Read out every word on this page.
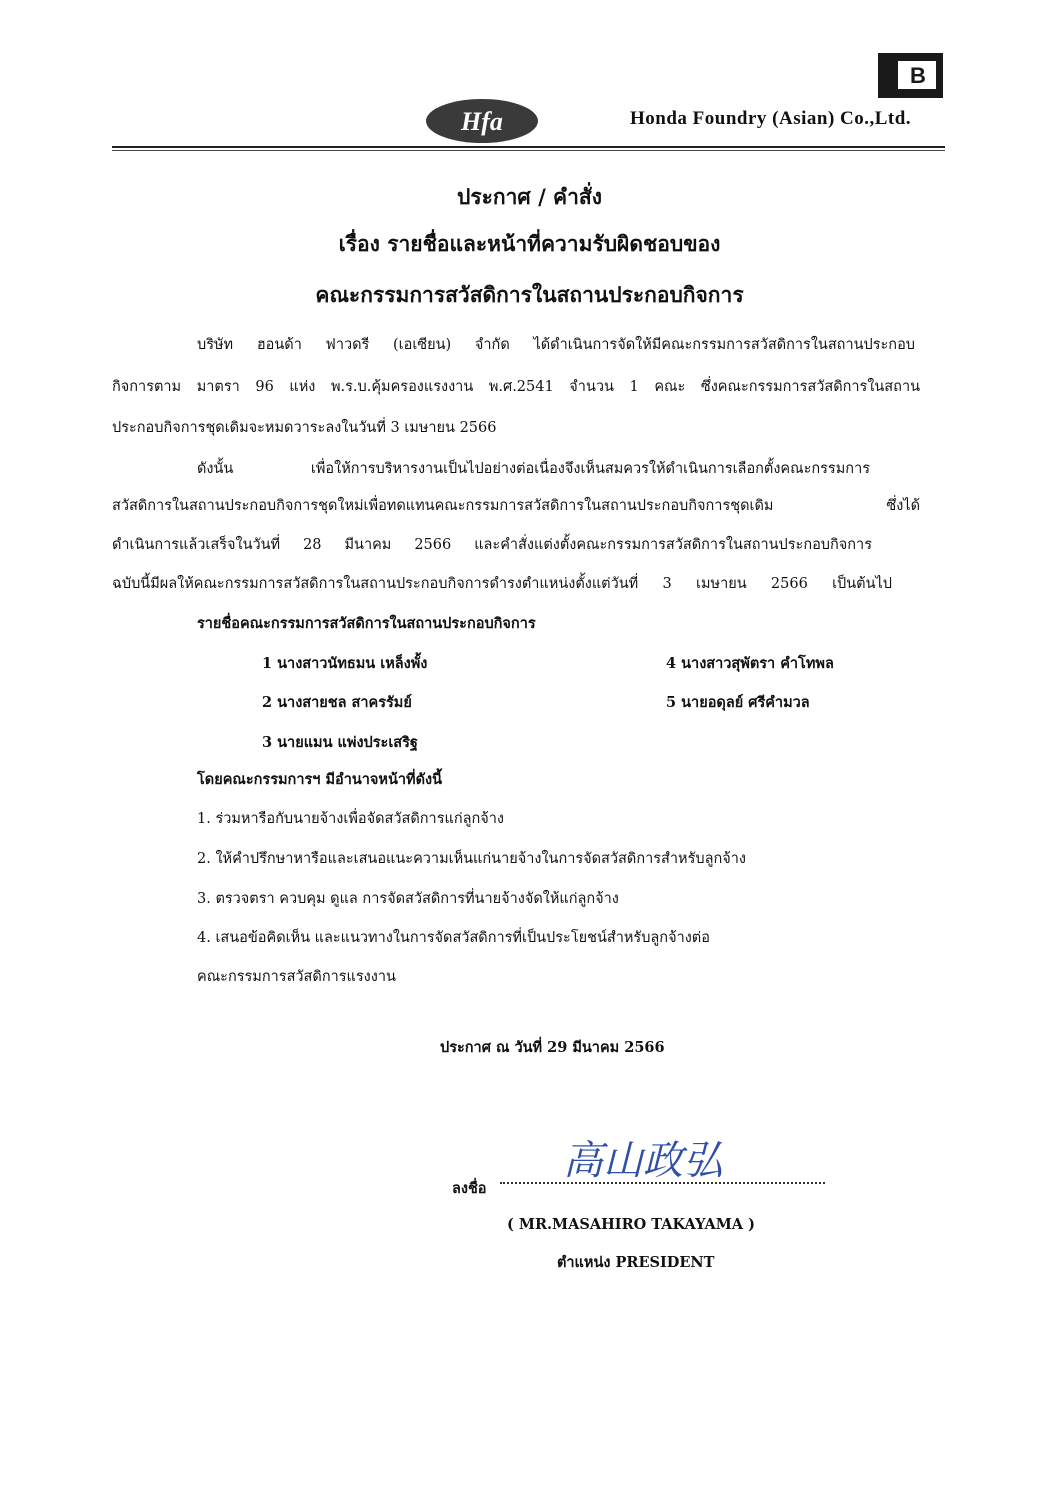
Hfa
B
Honda Foundry (Asian) Co.,Ltd.
ประกาศ / คำสั่ง
เรื่อง รายชื่อและหน้าที่ความรับผิดชอบของ
คณะกรรมการสวัสดิการในสถานประกอบกิจการ
บริษัท ฮอนด้า ฟาวดรี (เอเซียน) จำกัด ได้ดำเนินการจัดให้มีคณะกรรมการสวัสดิการในสถานประกอบ
กิจการตาม มาตรา 96 แห่ง พ.ร.บ.คุ้มครองแรงงาน พ.ศ.2541 จำนวน 1 คณะ ซึ่งคณะกรรมการสวัสดิการในสถาน
ประกอบกิจการชุดเดิมจะหมดวาระลงในวันที่ 3 เมษายน 2566
ดังนั้น เพื่อให้การบริหารงานเป็นไปอย่างต่อเนื่องจึงเห็นสมควรให้ดำเนินการเลือกตั้งคณะกรรมการ
สวัสดิการในสถานประกอบกิจการชุดใหม่เพื่อทดแทนคณะกรรมการสวัสดิการในสถานประกอบกิจการชุดเดิม ซึ่งได้
ดำเนินการแล้วเสร็จในวันที่ 28 มีนาคม 2566 และคำสั่งแต่งตั้งคณะกรรมการสวัสดิการในสถานประกอบกิจการ
ฉบับนี้มีผลให้คณะกรรมการสวัสดิการในสถานประกอบกิจการดำรงตำแหน่งตั้งแต่วันที่ 3 เมษายน 2566 เป็นต้นไป
รายชื่อคณะกรรมการสวัสดิการในสถานประกอบกิจการ
1 นางสาวนัทธมน เหล็งพั้ง
2 นางสายชล สาครรัมย์
3 นายแมน แพ่งประเสริฐ
4 นางสาวสุพัตรา คำโทพล
5 นายอดุลย์ ศรีคำมวล
โดยคณะกรรมการฯ มีอำนาจหน้าที่ดังนี้
1. ร่วมหารือกับนายจ้างเพื่อจัดสวัสดิการแก่ลูกจ้าง
2. ให้คำปรึกษาหารือและเสนอแนะความเห็นแก่นายจ้างในการจัดสวัสดิการสำหรับลูกจ้าง
3. ตรวจตรา ควบคุม ดูแล การจัดสวัสดิการที่นายจ้างจัดให้แก่ลูกจ้าง
4. เสนอข้อคิดเห็น และแนวทางในการจัดสวัสดิการที่เป็นประโยชน์สำหรับลูกจ้างต่อ
คณะกรรมการสวัสดิการแรงงาน
ประกาศ ณ วันที่ 29 มีนาคม 2566
高山政弘
ลงชื่อ
( MR.MASAHIRO TAKAYAMA )
ตำแหน่ง PRESIDENT
